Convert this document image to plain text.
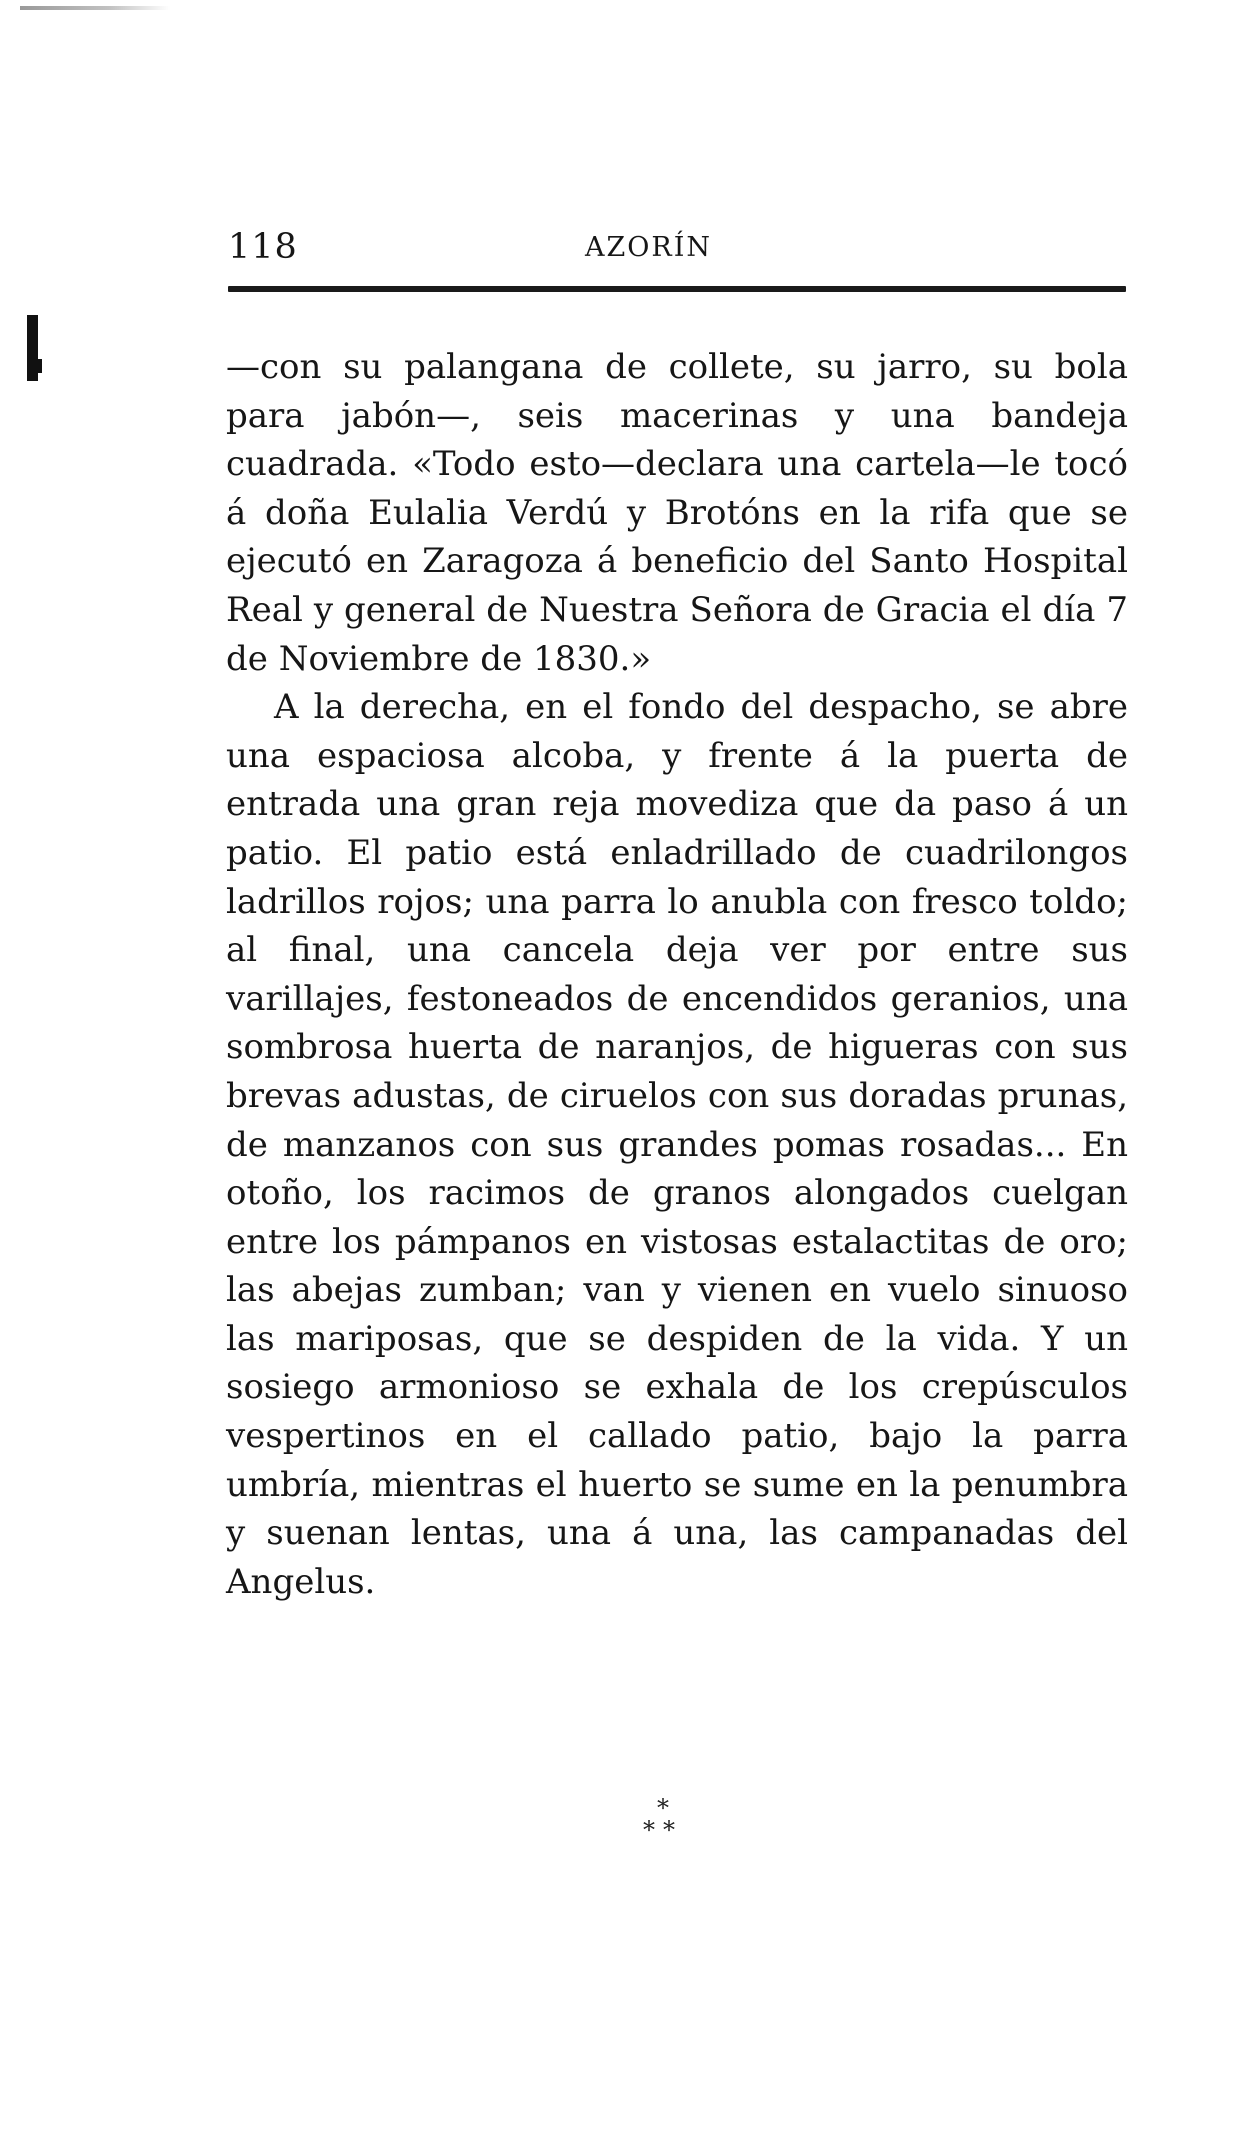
118	AZORÍN

—con su palangana de collete, su jarro, su bola para jabón—, seis macerinas y una bandeja cuadrada. «Todo esto—declara una cartela—le tocó á doña Eulalia Verdú y Brotóns en la rifa que se ejecutó en Zaragoza á beneficio del Santo Hospital Real y general de Nuestra Señora de Gracia el día 7 de Noviembre de 1830.»

A la derecha, en el fondo del despacho, se abre una espaciosa alcoba, y frente á la puerta de entrada una gran reja movediza que da paso á un patio. El patio está enladrillado de cuadrilongos ladrillos rojos; una parra lo anubla con fresco toldo; al final, una cancela deja ver por entre sus varillajes, festoneados de encendidos geranios, una sombrosa huerta de naranjos, de higueras con sus brevas adustas, de ciruelos con sus doradas prunas, de manzanos con sus grandes pomas rosadas... En otoño, los racimos de granos alongados cuelgan entre los pámpanos en vistosas estalactitas de oro; las abejas zumban; van y vienen en vuelo sinuoso las mariposas, que se despiden de la vida. Y un sosiego armonioso se exhala de los crepúsculos vespertinos en el callado patio, bajo la parra umbría, mientras el huerto se sume en la penumbra y suenan lentas, una á una, las campanadas del Angelus.

*
**
